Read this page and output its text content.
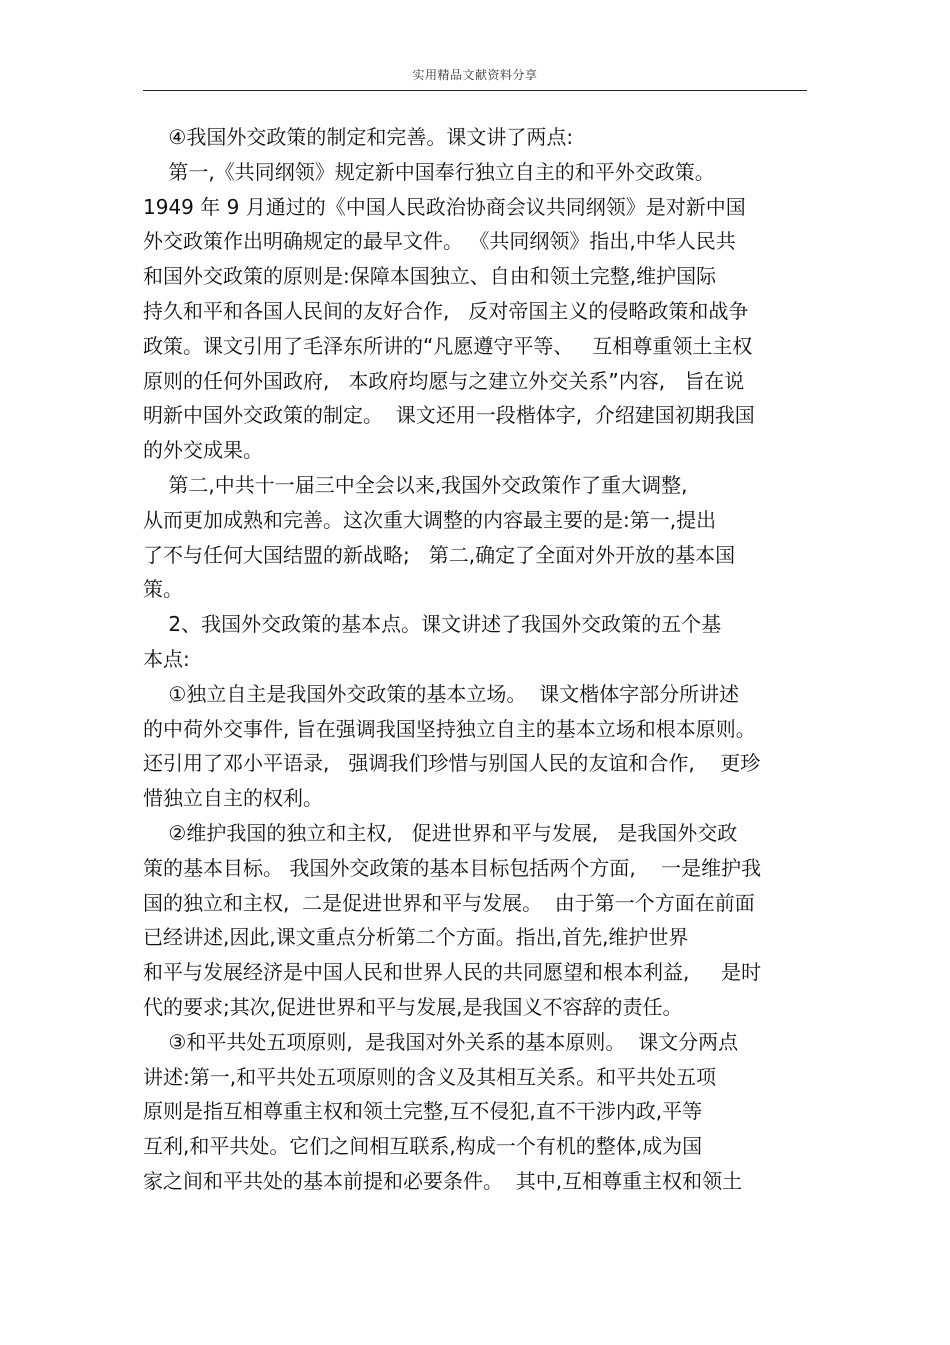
实用精品文献资料分享
④我国外交政策的制定和完善。课文讲了两点:
第一,《共同纲领》规定新中国奉行独立自主的和平外交政策。
1949 年 9 月通过的《中国人民政治协商会议共同纲领》是对新中国
外交政策作出明确规定的最早文件。 《共同纲领》指出,中华人民共
和国外交政策的原则是:保障本国独立、自由和领土完整,维护国际
持久和平和各国人民间的友好合作,   反对帝国主义的侵略政策和战争
政策。课文引用了毛泽东所讲的“凡愿遵守平等、   互相尊重领土主权
原则的任何外国政府,   本政府均愿与之建立外交关系”内容,   旨在说
明新中国外交政策的制定。  课文还用一段楷体字,  介绍建国初期我国
的外交成果。
第二,中共十一届三中全会以来,我国外交政策作了重大调整,
从而更加成熟和完善。这次重大调整的内容最主要的是:第一,提出
了不与任何大国结盟的新战略;   第二,确定了全面对外开放的基本国
策。
2、我国外交政策的基本点。课文讲述了我国外交政策的五个基
本点:
①独立自主是我国外交政策的基本立场。  课文楷体字部分所讲述
的中荷外交事件, 旨在强调我国坚持独立自主的基本立场和根本原则。
还引用了邓小平语录,   强调我们珍惜与别国人民的友谊和合作,    更珍
惜独立自主的权利。
②维护我国的独立和主权,   促进世界和平与发展,   是我国外交政
策的基本目标。 我国外交政策的基本目标包括两个方面,    一是维护我
国的独立和主权,  二是促进世界和平与发展。  由于第一个方面在前面
已经讲述,因此,课文重点分析第二个方面。指出,首先,维护世界
和平与发展经济是中国人民和世界人民的共同愿望和根本利益,     是时
代的要求;其次,促进世界和平与发展,是我国义不容辞的责任。
③和平共处五项原则,  是我国对外关系的基本原则。  课文分两点
讲述:第一,和平共处五项原则的含义及其相互关系。和平共处五项
原则是指互相尊重主权和领土完整,互不侵犯,直不干涉内政,平等
互利,和平共处。它们之间相互联系,构成一个有机的整体,成为国
家之间和平共处的基本前提和必要条件。  其中,互相尊重主权和领土
